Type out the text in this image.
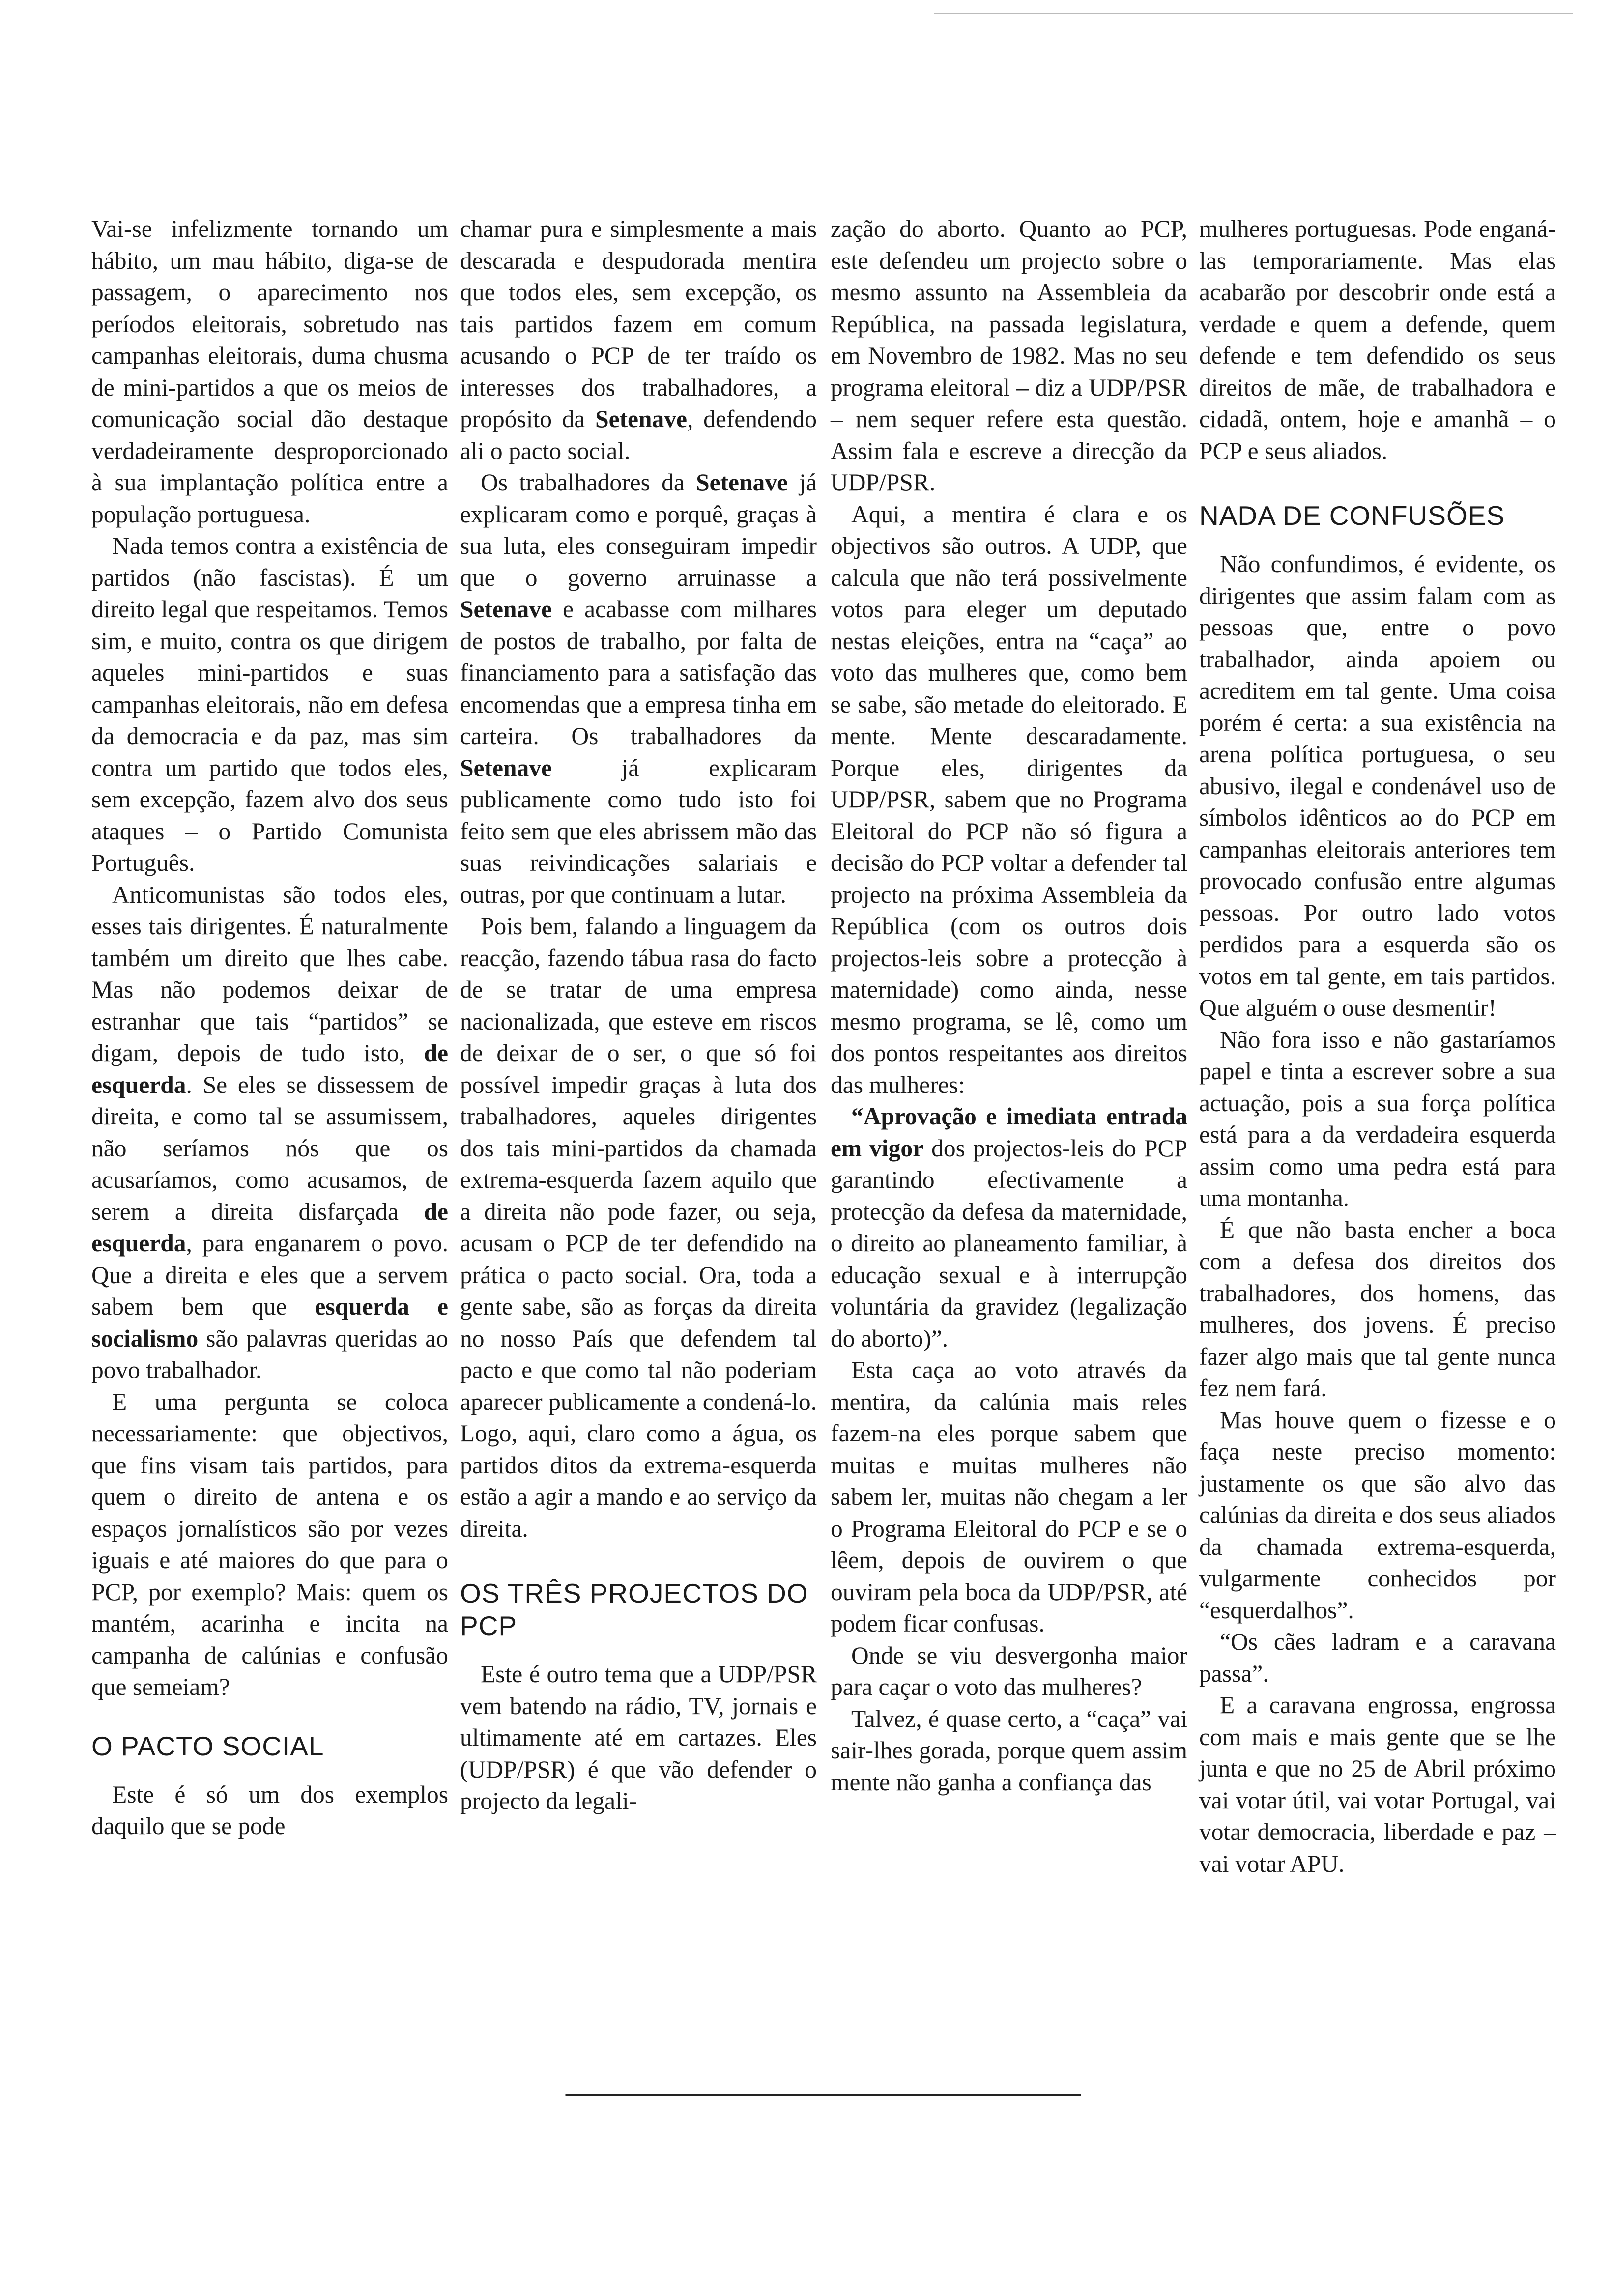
Vai-se infelizmente tornando um hábito, um mau hábito, diga-se de passagem, o aparecimento nos períodos eleitorais, sobretudo nas campanhas eleitorais, duma chusma de mini-partidos a que os meios de comunicação social dão destaque verdadeiramente desproporcionado à sua implantação política entre a população portuguesa.

Nada temos contra a existência de partidos (não fascistas). É um direito legal que respeitamos. Temos sim, e muito, contra os que dirigem aqueles mini-partidos e suas campanhas eleitorais, não em defesa da democracia e da paz, mas sim contra um partido que todos eles, sem excepção, fazem alvo dos seus ataques – o Partido Comunista Português.

Anticomunistas são todos eles, esses tais dirigentes. É naturalmente também um direito que lhes cabe. Mas não podemos deixar de estranhar que tais “partidos” se digam, depois de tudo isto, de esquerda. Se eles se dissessem de direita, e como tal se assumissem, não seríamos nós que os acusaríamos, como acusamos, de serem a direita disfarçada de esquerda, para enganarem o povo. Que a direita e eles que a servem sabem bem que esquerda e socialismo são palavras queridas ao povo trabalhador.

E uma pergunta se coloca necessariamente: que objectivos, que fins visam tais partidos, para quem o direito de antena e os espaços jornalísticos são por vezes iguais e até maiores do que para o PCP, por exemplo? Mais: quem os mantém, acarinha e incita na campanha de calúnias e confusão que semeiam?

O PACTO SOCIAL

Este é só um dos exemplos daquilo que se pode

chamar pura e simplesmente a mais descarada e despudorada mentira que todos eles, sem excepção, os tais partidos fazem em comum acusando o PCP de ter traído os interesses dos trabalhadores, a propósito da Setenave, defendendo ali o pacto social.

Os trabalhadores da Setenave já explicaram como e porquê, graças à sua luta, eles conseguiram impedir que o governo arruinasse a Setenave e acabasse com milhares de postos de trabalho, por falta de financiamento para a satisfação das encomendas que a empresa tinha em carteira. Os trabalhadores da Setenave já explicaram publicamente como tudo isto foi feito sem que eles abrissem mão das suas reivindicações salariais e outras, por que continuam a lutar.

Pois bem, falando a linguagem da reacção, fazendo tábua rasa do facto de se tratar de uma empresa nacionalizada, que esteve em riscos de deixar de o ser, o que só foi possível impedir graças à luta dos trabalhadores, aqueles dirigentes dos tais mini-partidos da chamada extrema-esquerda fazem aquilo que a direita não pode fazer, ou seja, acusam o PCP de ter defendido na prática o pacto social. Ora, toda a gente sabe, são as forças da direita no nosso País que defendem tal pacto e que como tal não poderiam aparecer publicamente a condená-lo. Logo, aqui, claro como a água, os partidos ditos da extrema-esquerda estão a agir a mando e ao serviço da direita.

OS TRÊS PROJECTOS DO PCP

Este é outro tema que a UDP/PSR vem batendo na rádio, TV, jornais e ultimamente até em cartazes. Eles (UDP/PSR) é que vão defender o projecto da legali-

zação do aborto. Quanto ao PCP, este defendeu um projecto sobre o mesmo assunto na Assembleia da República, na passada legislatura, em Novembro de 1982. Mas no seu programa eleitoral – diz a UDP/PSR – nem sequer refere esta questão. Assim fala e escreve a direcção da UDP/PSR.

Aqui, a mentira é clara e os objectivos são outros. A UDP, que calcula que não terá possivelmente votos para eleger um deputado nestas eleições, entra na “caça” ao voto das mulheres que, como bem se sabe, são metade do eleitorado. E mente. Mente descaradamente. Porque eles, dirigentes da UDP/PSR, sabem que no Programa Eleitoral do PCP não só figura a decisão do PCP voltar a defender tal projecto na próxima Assembleia da República (com os outros dois projectos-leis sobre a protecção à maternidade) como ainda, nesse mesmo programa, se lê, como um dos pontos respeitantes aos direitos das mulheres:

“Aprovação e imediata entrada em vigor dos projectos-leis do PCP garantindo efectivamente a protecção da defesa da maternidade, o direito ao planeamento familiar, à educação sexual e à interrupção voluntária da gravidez (legalização do aborto)”.

Esta caça ao voto através da mentira, da calúnia mais reles fazem-na eles porque sabem que muitas e muitas mulheres não sabem ler, muitas não chegam a ler o Programa Eleitoral do PCP e se o lêem, depois de ouvirem o que ouviram pela boca da UDP/PSR, até podem ficar confusas.

Onde se viu desvergonha maior para caçar o voto das mulheres?

Talvez, é quase certo, a “caça” vai sair-lhes gorada, porque quem assim mente não ganha a confiança das

mulheres portuguesas. Pode enganá-las temporariamente. Mas elas acabarão por descobrir onde está a verdade e quem a defende, quem defende e tem defendido os seus direitos de mãe, de trabalhadora e cidadã, ontem, hoje e amanhã – o PCP e seus aliados.

NADA DE CONFUSÕES

Não confundimos, é evidente, os dirigentes que assim falam com as pessoas que, entre o povo trabalhador, ainda apoiem ou acreditem em tal gente. Uma coisa porém é certa: a sua existência na arena política portuguesa, o seu abusivo, ilegal e condenável uso de símbolos idênticos ao do PCP em campanhas eleitorais anteriores tem provocado confusão entre algumas pessoas. Por outro lado votos perdidos para a esquerda são os votos em tal gente, em tais partidos. Que alguém o ouse desmentir!

Não fora isso e não gastaríamos papel e tinta a escrever sobre a sua actuação, pois a sua força política está para a da verdadeira esquerda assim como uma pedra está para uma montanha.

É que não basta encher a boca com a defesa dos direitos dos trabalhadores, dos homens, das mulheres, dos jovens. É preciso fazer algo mais que tal gente nunca fez nem fará.

Mas houve quem o fizesse e o faça neste preciso momento: justamente os que são alvo das calúnias da direita e dos seus aliados da chamada extrema-esquerda, vulgarmente conhecidos por “esquerdalhos”.

“Os cães ladram e a caravana passa”.

E a caravana engrossa, engrossa com mais e mais gente que se lhe junta e que no 25 de Abril próximo vai votar útil, vai votar Portugal, vai votar democracia, liberdade e paz – vai votar APU.
